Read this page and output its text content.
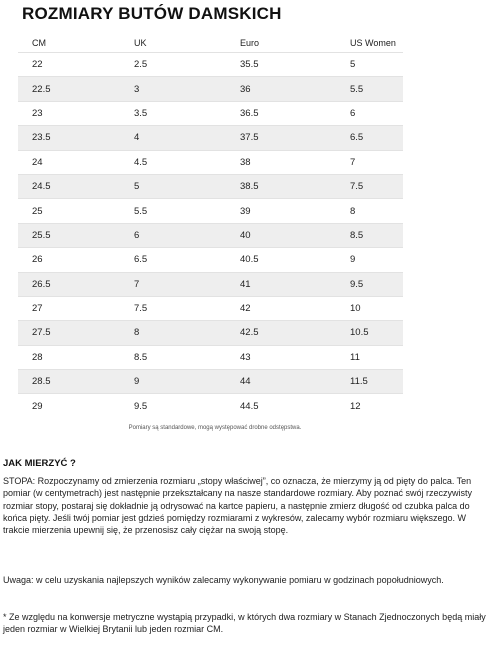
ROZMIARY BUTÓW DAMSKICH
CM	UK	Euro	US Women
22	2.5	35.5	5
22.5	3	36	5.5
23	3.5	36.5	6
23.5	4	37.5	6.5
24	4.5	38	7
24.5	5	38.5	7.5
25	5.5	39	8
25.5	6	40	8.5
26	6.5	40.5	9
26.5	7	41	9.5
27	7.5	42	10
27.5	8	42.5	10.5
28	8.5	43	11
28.5	9	44	11.5
29	9.5	44.5	12
Pomiary są standardowe, mogą występować drobne odstępstwa.
JAK MIERZYĆ ?

STOPA: Rozpoczynamy od zmierzenia rozmiaru „stopy właściwej”, co oznacza, że mierzymy ją od pięty do palca. Ten pomiar (w centymetrach) jest następnie przekształcany na nasze standardowe rozmiary. Aby poznać swój rzeczywisty rozmiar stopy, postaraj się dokładnie ją odrysować na kartce papieru, a następnie zmierz długość od czubka palca do końca pięty. Jeśli twój pomiar jest gdzieś pomiędzy rozmiarami z wykresów, zalecamy wybór rozmiaru większego. W trakcie mierzenia upewnij się, że przenosisz cały ciężar na swoją stopę.

Uwaga: w celu uzyskania najlepszych wyników zalecamy wykonywanie pomiaru w godzinach popołudniowych.

* Ze względu na konwersje metryczne wystąpią przypadki, w których dwa rozmiary w Stanach Zjednoczonych będą miały jeden rozmiar w Wielkiej Brytanii lub jeden rozmiar CM.
